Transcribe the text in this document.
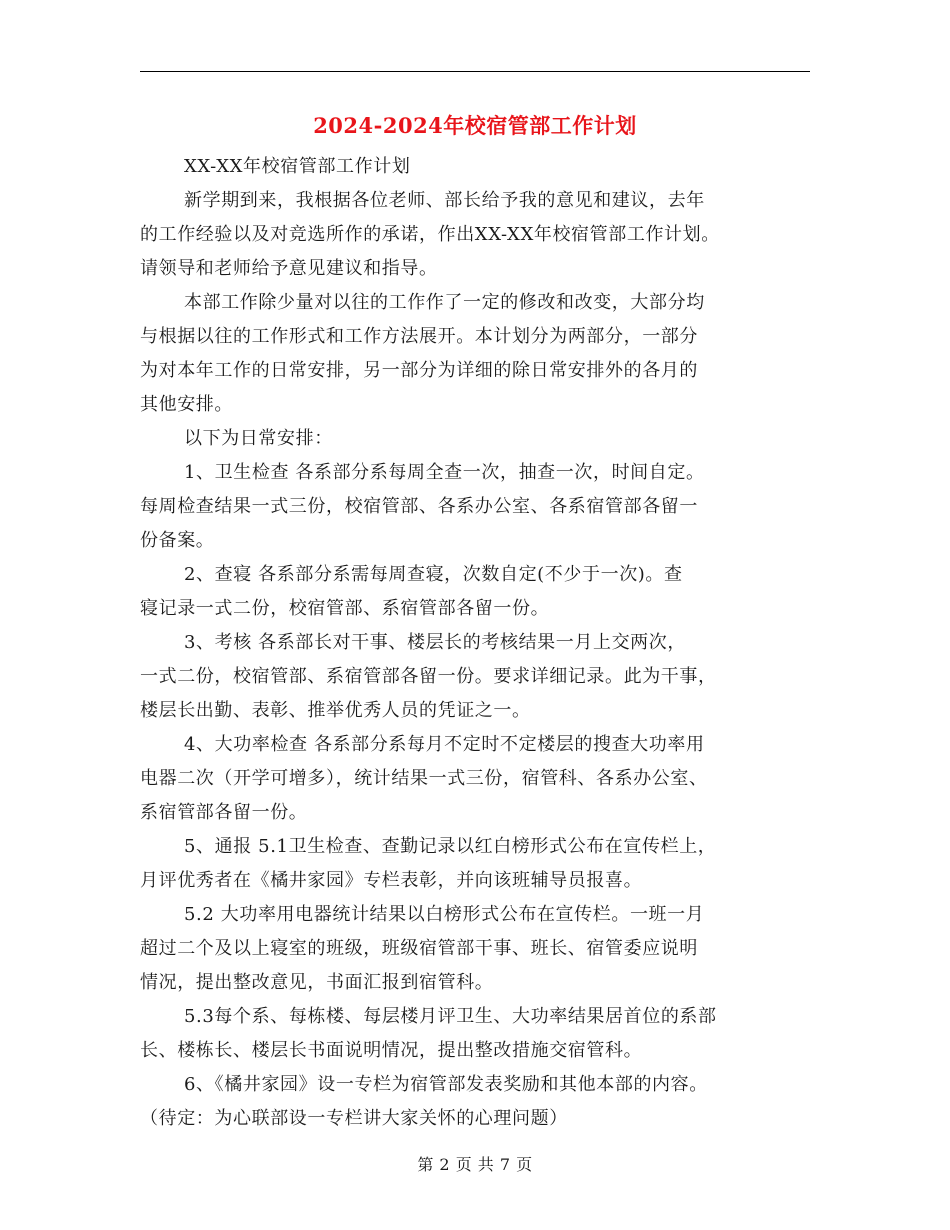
2024-2024年校宿管部工作计划
XX-XX年校宿管部工作计划
新学期到来，我根据各位老师、部长给予我的意见和建议，去年
的工作经验以及对竞选所作的承诺，作出XX-XX年校宿管部工作计划。
请领导和老师给予意见建议和指导。
本部工作除少量对以往的工作作了一定的修改和改变，大部分均
与根据以往的工作形式和工作方法展开。本计划分为两部分，一部分
为对本年工作的日常安排，另一部分为详细的除日常安排外的各月的
其他安排。
以下为日常安排：
1、卫生检查 各系部分系每周全查一次，抽查一次，时间自定。
每周检查结果一式三份，校宿管部、各系办公室、各系宿管部各留一
份备案。
2、查寝 各系部分系需每周查寝，次数自定(不少于一次)。查
寝记录一式二份，校宿管部、系宿管部各留一份。
3、考核 各系部长对干事、楼层长的考核结果一月上交两次，
一式二份，校宿管部、系宿管部各留一份。要求详细记录。此为干事，
楼层长出勤、表彰、推举优秀人员的凭证之一。
4、大功率检查 各系部分系每月不定时不定楼层的搜查大功率用
电器二次（开学可增多），统计结果一式三份，宿管科、各系办公室、
系宿管部各留一份。
5、通报 5.1卫生检查、查勤记录以红白榜形式公布在宣传栏上，
月评优秀者在《橘井家园》专栏表彰，并向该班辅导员报喜。
5.2 大功率用电器统计结果以白榜形式公布在宣传栏。一班一月
超过二个及以上寝室的班级，班级宿管部干事、班长、宿管委应说明
情况，提出整改意见，书面汇报到宿管科。
5.3每个系、每栋楼、每层楼月评卫生、大功率结果居首位的系部
长、楼栋长、楼层长书面说明情况，提出整改措施交宿管科。
6、《橘井家园》设一专栏为宿管部发表奖励和其他本部的内容。
（待定：为心联部设一专栏讲大家关怀的心理问题）
第 2 页 共 7 页
